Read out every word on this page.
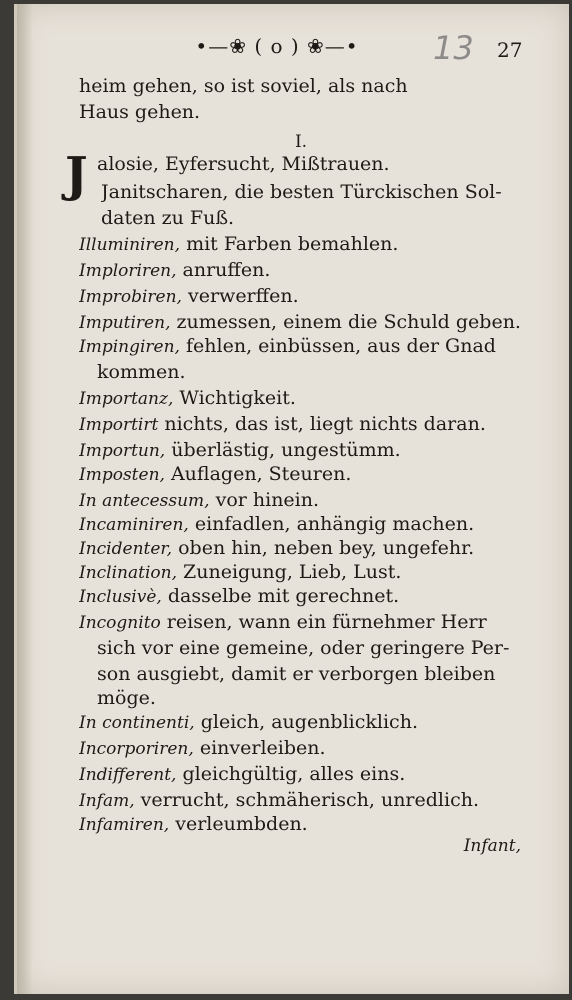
•—❀ ( o ) ❀—•	13	27
heim gehen, so ist soviel, als nach
Haus gehen.
I.
J alosie, Eyfersucht, Mißtrauen.
Janitscharen, die besten Türckischen Sol-
daten zu Fuß.
Illuminiren, mit Farben bemahlen.
Imploriren, anruffen.
Improbiren, verwerffen.
Imputiren, zumessen, einem die Schuld geben.
Impingiren, fehlen, einbüssen, aus der Gnad
kommen.
Importanz, Wichtigkeit.
Importirt nichts, das ist, liegt nichts daran.
Importun, überlästig, ungestümm.
Imposten, Auflagen, Steuren.
In antecessum, vor hinein.
Incaminiren, einfadlen, anhängig machen.
Incidenter, oben hin, neben bey, ungefehr.
Inclination, Zuneigung, Lieb, Lust.
Inclusivè, dasselbe mit gerechnet.
Incognito reisen, wann ein fürnehmer Herr
sich vor eine gemeine, oder geringere Per-
son ausgiebt, damit er verborgen bleiben
möge.
In continenti, gleich, augenblicklich.
Incorporiren, einverleiben.
Indifferent, gleichgültig, alles eins.
Infam, verrucht, schmäherisch, unredlich.
Infamiren, verleumbden.
Infant,
